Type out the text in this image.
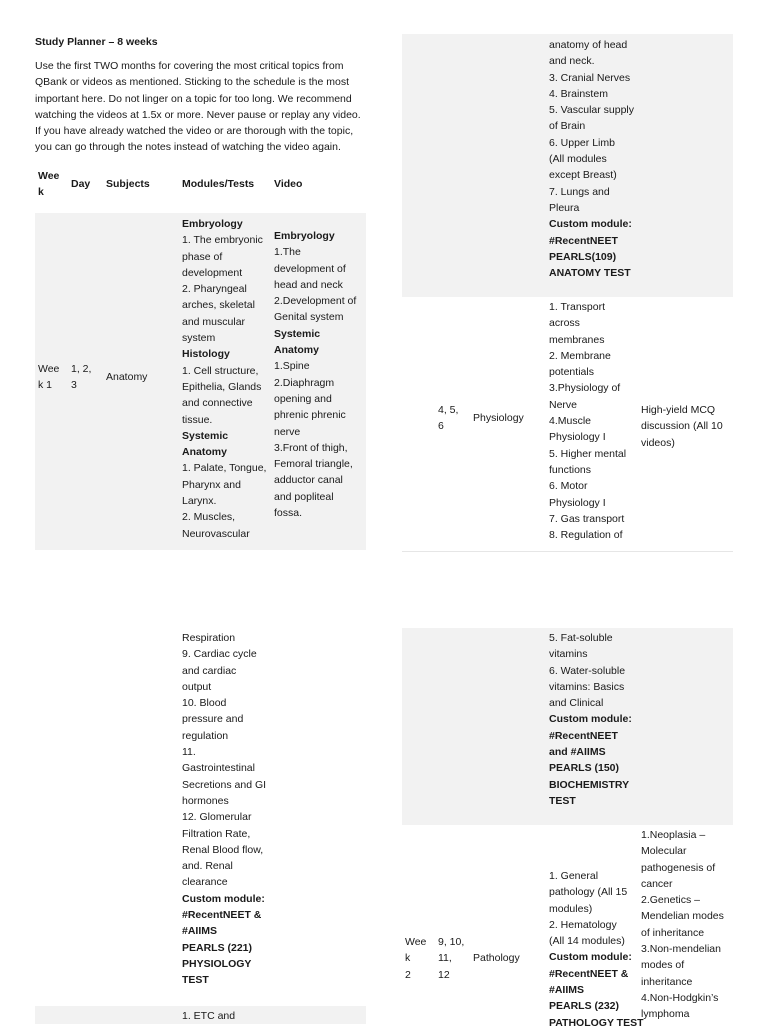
Study Planner – 8 weeks
Use the first TWO months for covering the most critical topics from
QBank or videos as mentioned. Sticking to the schedule is the most
important here. Do not linger on a topic for too long. We recommend
watching the videos at 1.5x or more. Never pause or replay any video.
If you have already watched the video or are thorough with the topic,
you can go through the notes instead of watching the video again.
Wee
k
Day Subjects	Modules/Tests Video
Wee
k 1
1, 2,
3
Anatomy
Embryology
1. The embryonic
phase of
development
2. Pharyngeal
arches, skeletal
and muscular
system
Histology
1. Cell structure,
Epithelia, Glands
and connective
tissue.
Systemic
Anatomy
1. Palate, Tongue,
Pharynx and
Larynx.
2. Muscles,
Neurovascular
Embryology
1.The
development of
head and neck
2.Development of
Genital system
Systemic
Anatomy
1.Spine
2.Diaphragm
opening and
phrenic phrenic
nerve
3.Front of thigh,
Femoral triangle,
adductor canal
and popliteal
fossa.
anatomy of head
and neck.
3. Cranial Nerves
4. Brainstem
5. Vascular supply
of Brain
6. Upper Limb
(All modules
except Breast)
7. Lungs and
Pleura
Custom module:
#RecentNEET
PEARLS(109)
ANATOMY TEST
4, 5,
6
Physiology
1. Transport
across
membranes
2. Membrane
potentials
3.Physiology of
Nerve
4.Muscle
Physiology I
5. Higher mental
functions
6. Motor
Physiology I
7. Gas transport
8. Regulation of
High-yield MCQ
discussion (All 10
videos)
Respiration
9. Cardiac cycle
and cardiac
output
10. Blood
pressure and
regulation
11.
Gastrointestinal
Secretions and GI
hormones
12. Glomerular
Filtration Rate,
Renal Blood flow,
and. Renal
clearance
Custom module:
#RecentNEET &
#AIIMS
PEARLS (221)
PHYSIOLOGY
TEST
1. ETC and
5. Fat-soluble
vitamins
6. Water-soluble
vitamins: Basics
and Clinical
Custom module:
#RecentNEET
and #AIIMS
PEARLS (150)
BIOCHEMISTRY
TEST
Wee
k
2
9, 10,
11,
12
Pathology
1. General
pathology (All 15
modules)
2. Hematology
(All 14 modules)
Custom module:
#RecentNEET &
#AIIMS
PEARLS (232)
PATHOLOGY TEST
1.Neoplasia –
Molecular
pathogenesis of
cancer
2.Genetics –
Mendelian modes
of inheritance
3.Non-mendelian
modes of
inheritance
4.Non-Hodgkin’s
lymphoma
